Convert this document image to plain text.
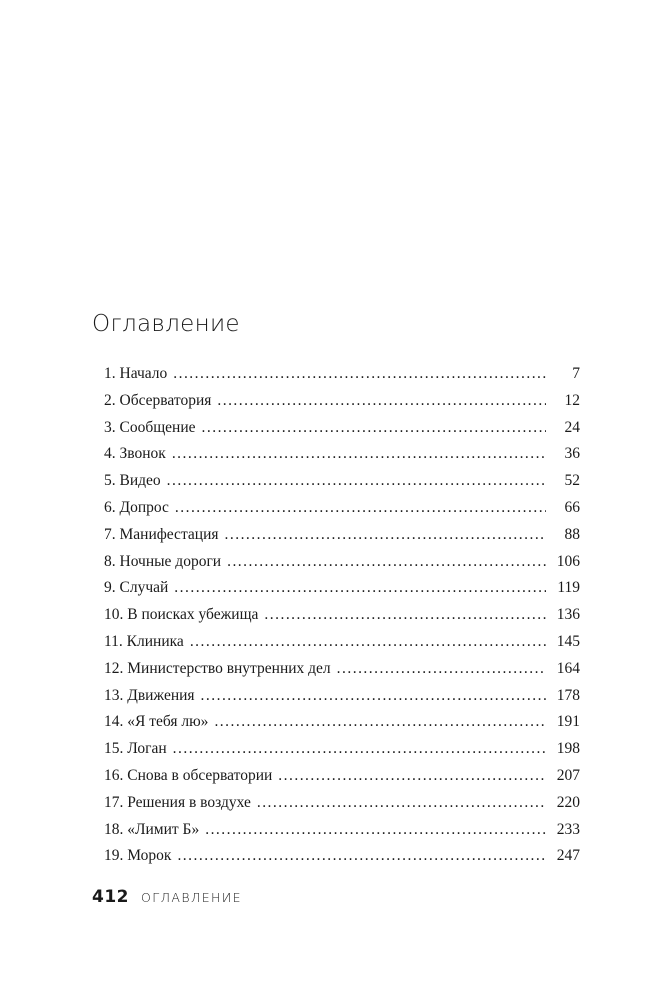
Оглавление
1. Начало . . .	7
2. Обсерватория . . .	12
3. Сообщение . . .	24
4. Звонок . . .	36
5. Видео . . .	52
6. Допрос . . .	66
7. Манифестация . . .	88
8. Ночные дороги . . .	106
9. Случай . . .	119
10. В поисках убежища . . .	136
11. Клиника . . .	145
12. Министерство внутренних дел . . .	164
13. Движения . . .	178
14. «Я тебя лю» . . .	191
15. Логан . . .	198
16. Снова в обсерватории . . .	207
17. Решения в воздухе . . .	220
18. «Лимит Б» . . .	233
19. Морок . . .	247
412 ОГЛАВЛЕНИЕ
